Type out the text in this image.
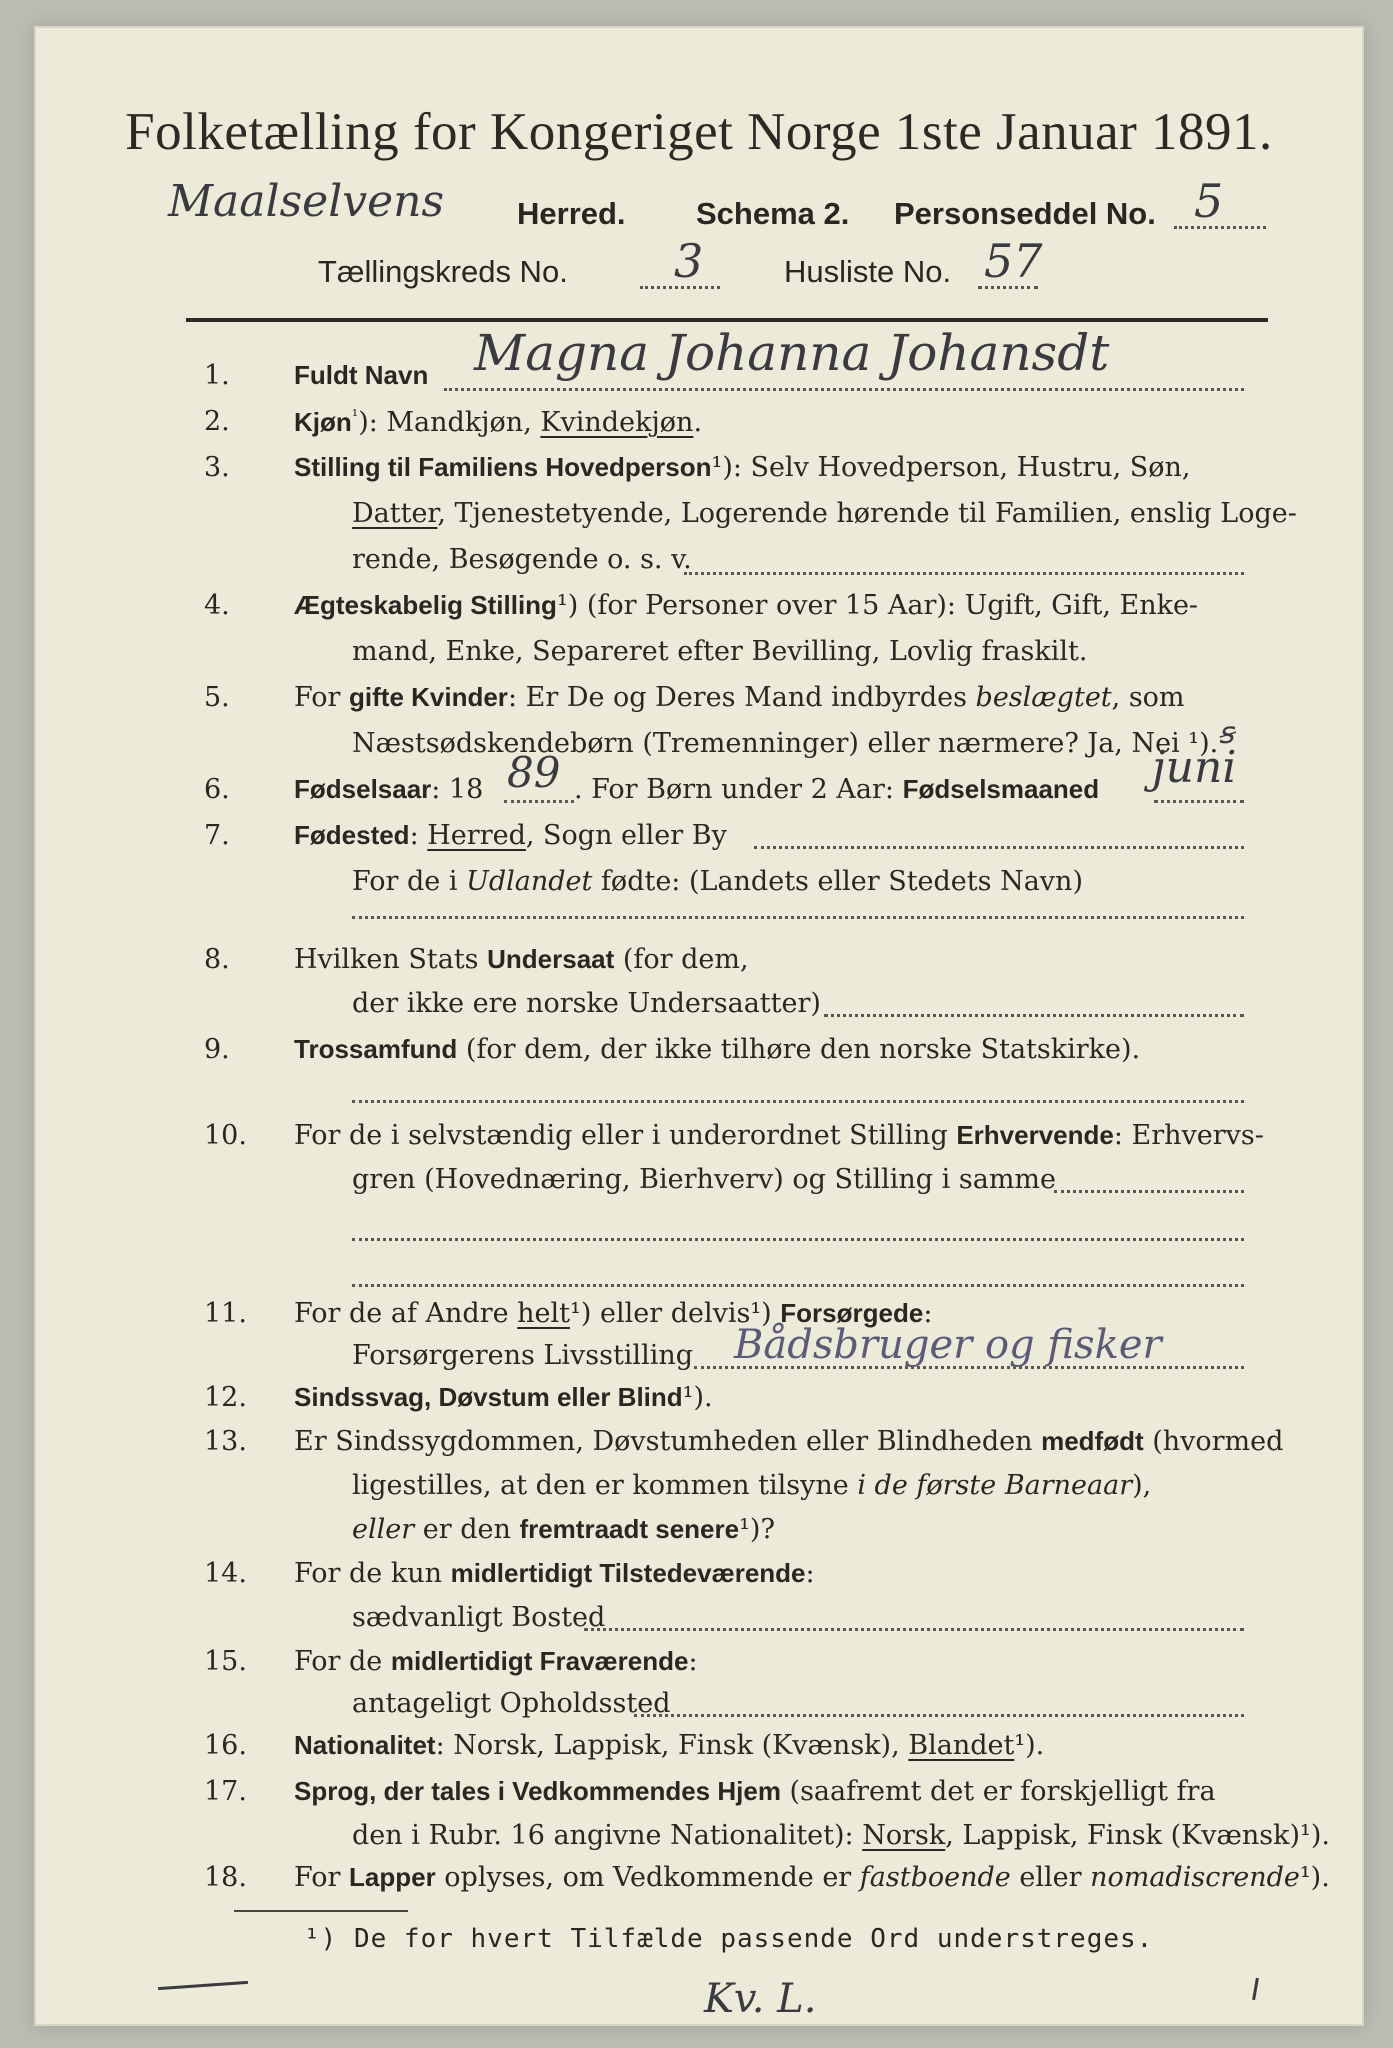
Folketælling for Kongeriget Norge 1ste Januar 1891.
Maalselvens Herred. Schema 2. Personseddel No. 5
Tællingskreds No. 3	Husliste No. 57
1.	Fuldt Navn Magna Johanna Johansdt
2.	Kjøn$^{^1}$): Mandkjøn, Kvindekjøn.
3.	Stilling til Familiens Hovedperson¹): Selv Hovedperson, Hustru, Søn,
Datter, Tjenestetyende, Logerende hørende til Familien, enslig Loge-
rende, Besøgende o. s. v.
4.	Ægteskabelig Stilling¹) (for Personer over 15 Aar): Ugift, Gift, Enke-
mand, Enke, Separeret efter Bevilling, Lovlig fraskilt.
5.	For gifte Kvinder: Er De og Deres Mand indbyrdes beslægtet, som
Næstsødskendebørn (Tremenninger) eller nærmere? Ja, Nei ¹). ꞩ
6.	Fødselsaar: 18 89 . For Børn under 2 Aar: Fødselsmaaned juni
7.	Fødested: Herred, Sogn eller By
For de i Udlandet fødte: (Landets eller Stedets Navn)
8.	Hvilken Stats Undersaat (for dem,
der ikke ere norske Undersaatter)
9.	Trossamfund (for dem, der ikke tilhøre den norske Statskirke).
10.	For de i selvstændig eller i underordnet Stilling Erhvervende: Erhvervs-
gren (Hovednæring, Bierhverv) og Stilling i samme
11.	For de af Andre helt¹) eller delvis¹) Forsørgede:
Forsørgerens Livsstilling Bådsbruger og fisker
12.	Sindssvag, Døvstum eller Blind¹).
13.	Er Sindssygdommen, Døvstumheden eller Blindheden medfødt (hvormed
ligestilles, at den er kommen tilsyne i de første Barneaar),
eller er den fremtraadt senere¹)?
14.	For de kun midlertidigt Tilstedeværende:
sædvanligt Bosted
15.	For de midlertidigt Fraværende:
antageligt Opholdssted
16.	Nationalitet: Norsk, Lappisk, Finsk (Kvænsk), Blandet¹).
17.	Sprog, der tales i Vedkommendes Hjem (saafremt det er forskjelligt fra
den i Rubr. 16 angivne Nationalitet): Norsk, Lappisk, Finsk (Kvænsk)¹).
18.	For Lapper oplyses, om Vedkommende er fastboende eller nomadiscrende¹).
¹) De for hvert Tilfælde passende Ord understreges.
Kv. L.
